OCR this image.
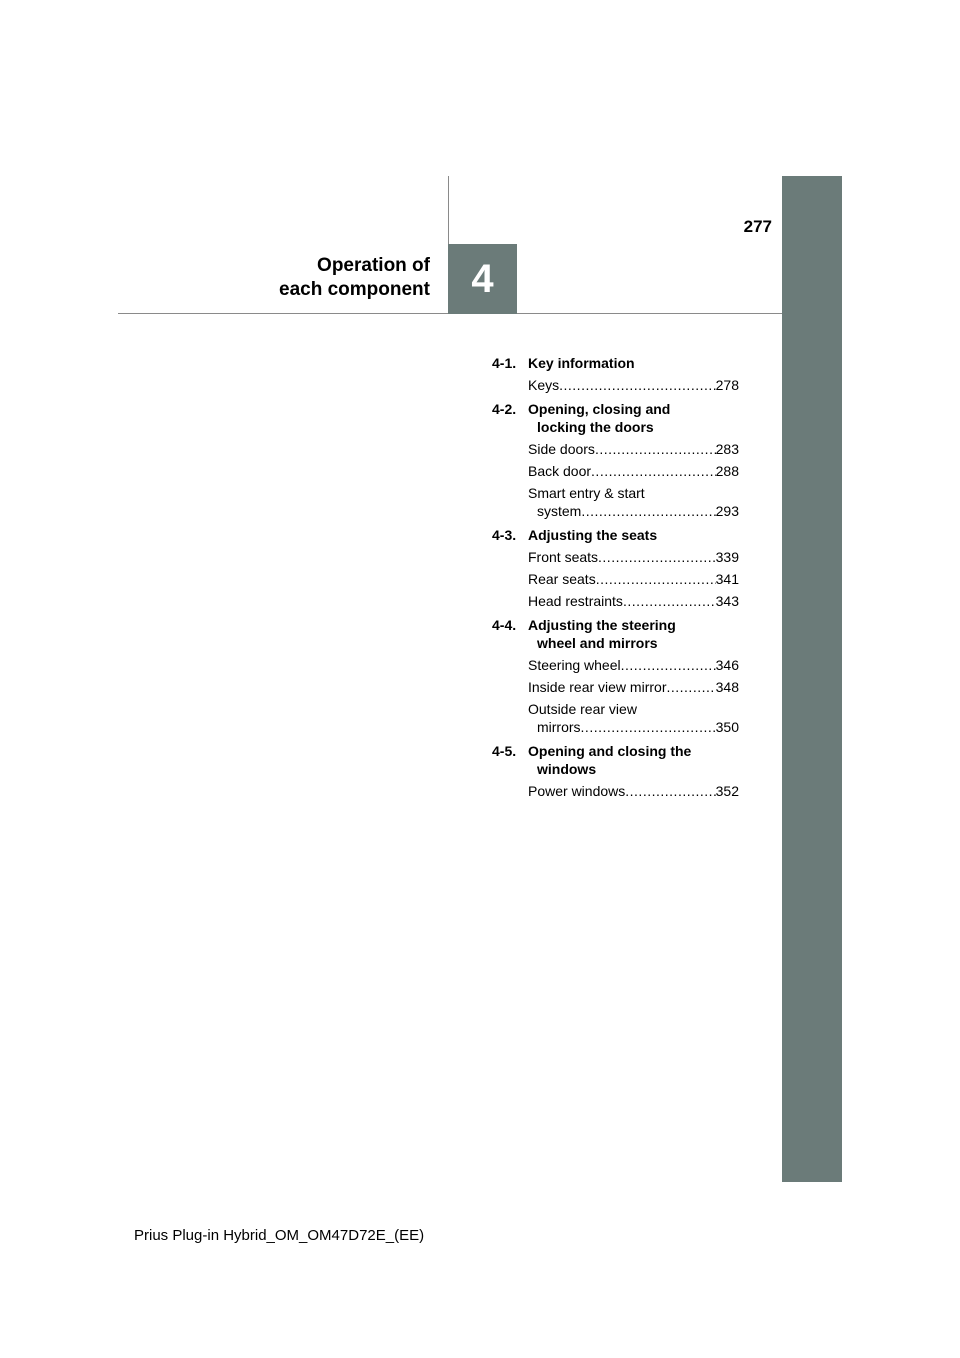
4
Operation of
each component
277
4-1. Key information
Keys .....	278
4-2. Opening, closing and
locking the doors
Side doors .....	283
Back door .....	288
Smart entry & start
system .....	293
4-3. Adjusting the seats
Front seats .....	339
Rear seats .....	341
Head restraints .....	343
4-4. Adjusting the steering
wheel and mirrors
Steering wheel .....	346
Inside rear view mirror .....	348
Outside rear view
mirrors .....	350
4-5. Opening and closing the
windows
Power windows .....	352
Prius Plug-in Hybrid_OM_OM47D72E_(EE)
